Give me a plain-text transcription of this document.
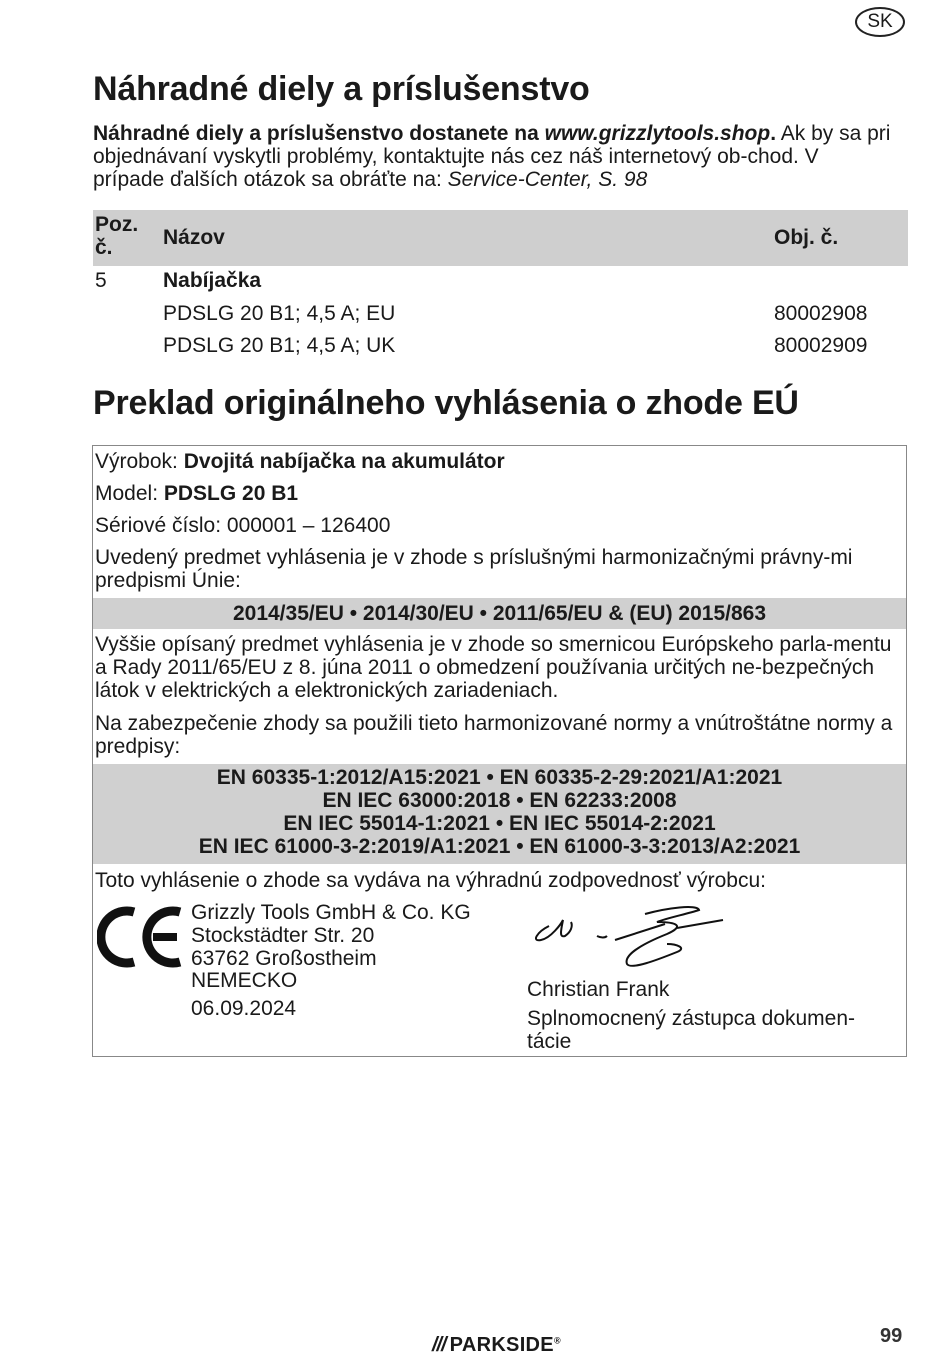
SK
Náhradné diely a príslušenstvo
Náhradné diely a príslušenstvo dostanete na www.grizzlytools.shop. Ak by sa pri objednávaní vyskytli problémy, kontaktujte nás cez náš internetový ob-chod. V prípade ďalších otázok sa obráťte na: Service-Center, S. 98
Poz. č.	Názov	Obj. č.
5	Nabíjačka
PDSLG 20 B1; 4,5 A; EU	80002908
PDSLG 20 B1; 4,5 A; UK	80002909
Preklad originálneho vyhlásenia o zhode EÚ
Výrobok: Dvojitá nabíjačka na akumulátor
Model: PDSLG 20 B1
Sériové číslo: 000001 – 126400
Uvedený predmet vyhlásenia je v zhode s príslušnými harmonizačnými právny-mi predpismi Únie:
2014/35/EU • 2014/30/EU • 2011/65/EU & (EU) 2015/863
Vyššie opísaný predmet vyhlásenia je v zhode so smernicou Európskeho parla-mentu a Rady 2011/65/EU z 8. júna 2011 o obmedzení používania určitých ne-bezpečných látok v elektrických a elektronických zariadeniach.
Na zabezpečenie zhody sa použili tieto harmonizované normy a vnútroštátne normy a predpisy:
EN 60335-1:2012/A15:2021 • EN 60335-2-29:2021/A1:2021
EN IEC 63000:2018 • EN 62233:2008
EN IEC 55014-1:2021 • EN IEC 55014-2:2021
EN IEC 61000-3-2:2019/A1:2021 • EN 61000-3-3:2013/A2:2021
Toto vyhlásenie o zhode sa vydáva na výhradnú zodpovednosť výrobcu:
Grizzly Tools GmbH & Co. KG
Stockstädter Str. 20
63762 Großostheim
NEMECKO
06.09.2024
Christian Frank
Splnomocnený zástupca dokumen-tácie
/// PARKSIDE®	99
